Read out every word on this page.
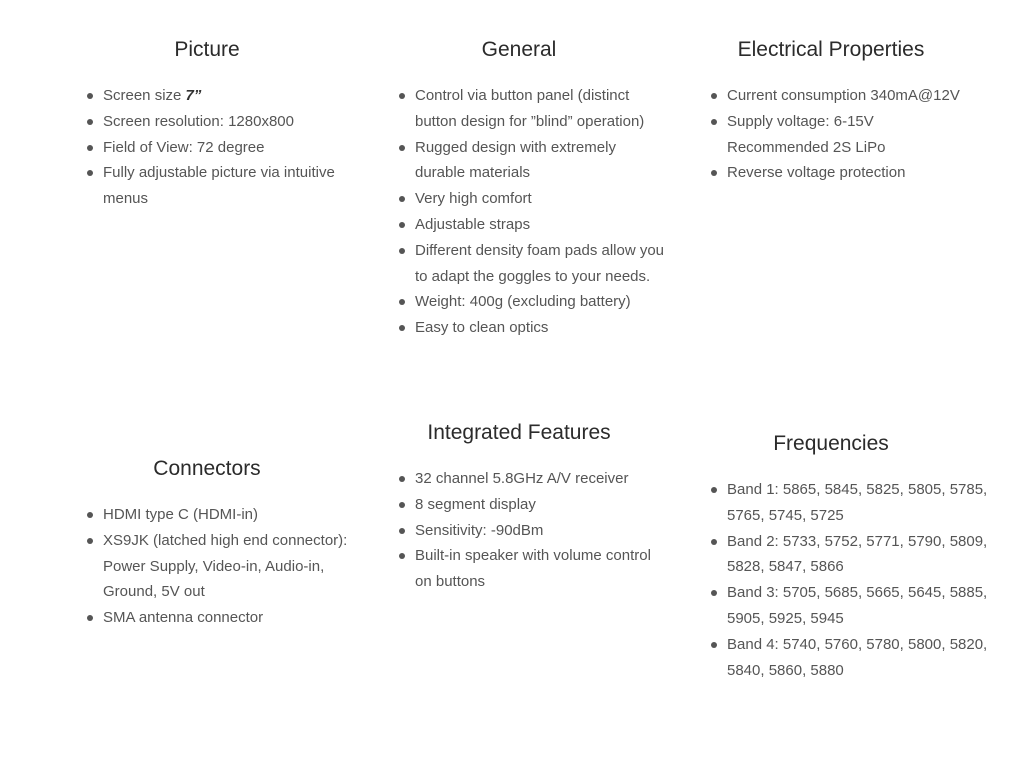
Picture
Screen size 7”
Screen resolution: 1280x800
Field of View: 72 degree
Fully adjustable picture via intuitive menus
General
Control via button panel (distinct button design for ”blind” operation)
Rugged design with extremely durable materials
Very high comfort
Adjustable straps
Different density foam pads allow you to adapt the goggles to your needs.
Weight: 400g (excluding battery)
Easy to clean optics
Electrical Properties
Current consumption 340mA@12V
Supply voltage: 6-15V Recommended 2S LiPo
Reverse voltage protection
Connectors
HDMI type C (HDMI-in)
XS9JK (latched high end connector): Power Supply, Video-in, Audio-in, Ground, 5V out
SMA antenna connector
Integrated Features
32 channel 5.8GHz A/V receiver
8 segment display
Sensitivity: -90dBm
Built-in speaker with volume control on buttons
Frequencies
Band 1: 5865, 5845, 5825, 5805, 5785, 5765, 5745, 5725
Band 2: 5733, 5752, 5771, 5790, 5809, 5828, 5847, 5866
Band 3: 5705, 5685, 5665, 5645, 5885, 5905, 5925, 5945
Band 4: 5740, 5760, 5780, 5800, 5820, 5840, 5860, 5880
